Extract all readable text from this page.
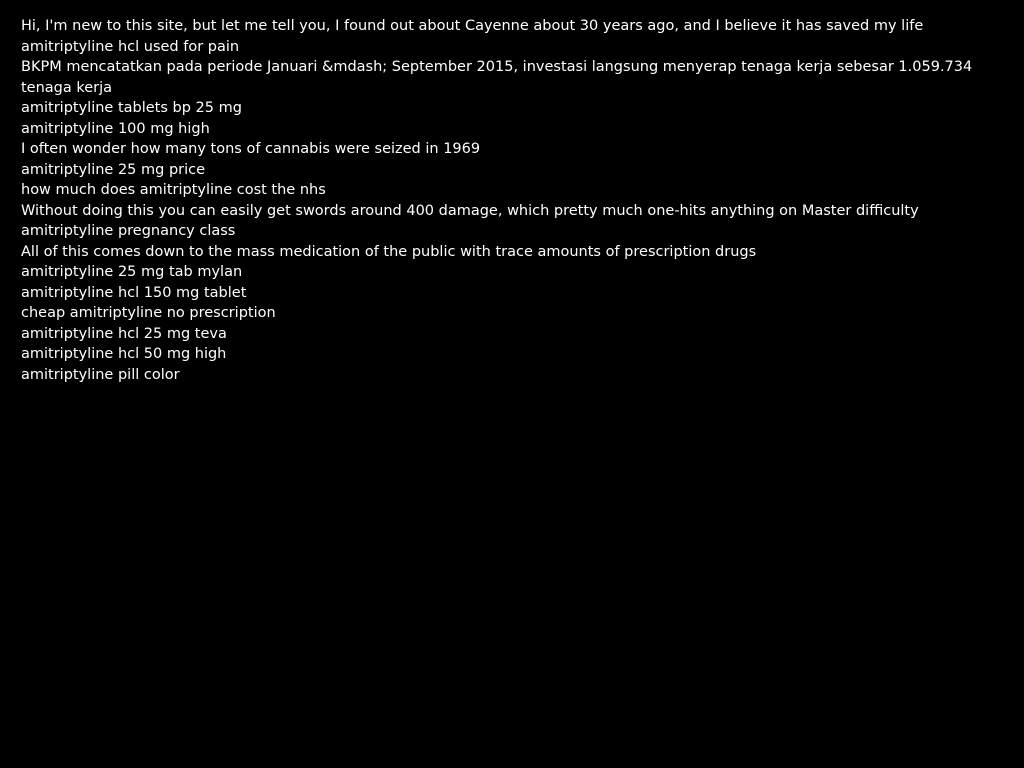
Hi, I'm new to this site, but let me tell you, I found out about Cayenne about 30 years ago, and I believe it has saved my life
amitriptyline hcl used for pain
BKPM mencatatkan pada periode Januari &mdash; September 2015, investasi langsung menyerap tenaga kerja sebesar 1.059.734 tenaga kerja
amitriptyline tablets bp 25 mg
amitriptyline 100 mg high
I often wonder how many tons of cannabis were seized in 1969
amitriptyline 25 mg price
how much does amitriptyline cost the nhs
Without doing this you can easily get swords around 400 damage, which pretty much one-hits anything on Master difficulty
amitriptyline pregnancy class
All of this comes down to the mass medication of the public with trace amounts of prescription drugs
amitriptyline 25 mg tab mylan
amitriptyline hcl 150 mg tablet
cheap amitriptyline no prescription
amitriptyline hcl 25 mg teva
amitriptyline hcl 50 mg high
amitriptyline pill color
